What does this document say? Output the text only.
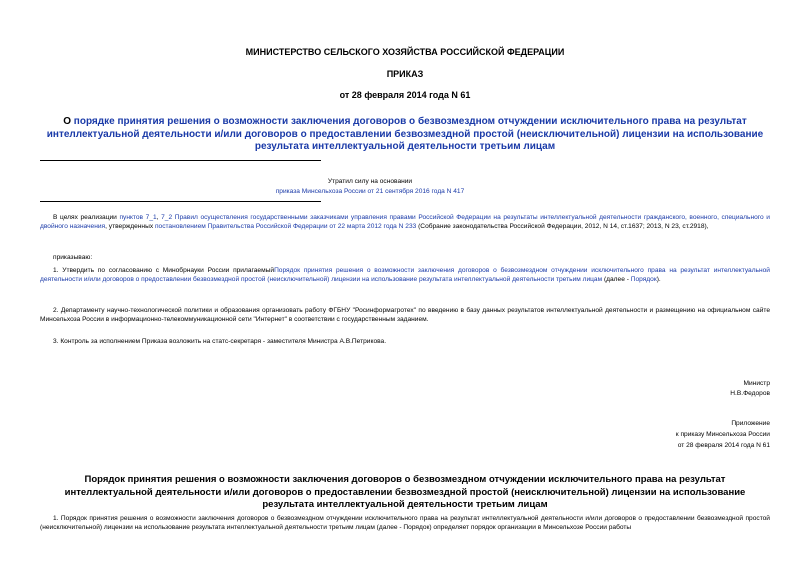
МИНИСТЕРСТВО СЕЛЬСКОГО ХОЗЯЙСТВА РОССИЙСКОЙ ФЕДЕРАЦИИ
ПРИКАЗ
от 28 февраля 2014 года N 61
О порядке принятия решения о возможности заключения договоров о безвозмездном отчуждении исключительного права на результат интеллектуальной деятельности и/или договоров о предоставлении безвозмездной простой (неисключительной) лицензии на использование результата интеллектуальной деятельности третьим лицам
Утратил силу на основании
приказа Минсельхоза России от 21 сентября 2016 года N 417
В целях реализации пунктов 7_1, 7_2 Правил осуществления государственными заказчиками управления правами Российской Федерации на результаты интеллектуальной деятельности гражданского, военного, специального и двойного назначения, утвержденных постановлением Правительства Российской Федерации от 22 марта 2012 года N 233 (Собрание законодательства Российской Федерации, 2012, N 14, ст.1637; 2013, N 23, ст.2918),
приказываю:
1. Утвердить по согласованию с Минобрнауки России прилагаемыйПорядок принятия решения о возможности заключения договоров о безвозмездном отчуждении исключительного права на результат интеллектуальной деятельности и/или договоров о предоставлении безвозмездной простой (неисключительной) лицензии на использование результата интеллектуальной деятельности третьим лицам (далее - Порядок).
2. Департаменту научно-технологической политики и образования организовать работу ФГБНУ "Росинформагротех" по введению в базу данных результатов интеллектуальной деятельности и размещению на официальном сайте Минсельхоза России в информационно-телекоммуникационной сети "Интернет" в соответствии с государственным заданием.
3. Контроль за исполнением Приказа возложить на статс-секретаря - заместителя Министра А.В.Петрикова.
Министр
Н.В.Федоров
Приложение
к приказу Минсельхоза России
от 28 февраля 2014 года N 61
Порядок принятия решения о возможности заключения договоров о безвозмездном отчуждении исключительного права на результат интеллектуальной деятельности и/или договоров о предоставлении безвозмездной простой (неисключительной) лицензии на использование результата интеллектуальной деятельности третьим лицам
1. Порядок принятия решения о возможности заключения договоров о безвозмездном отчуждении исключительного права на результат интеллектуальной деятельности и/или договоров о предоставлении безвозмездной простой (неисключительной) лицензии на использование результата интеллектуальной деятельности третьим лицам (далее - Порядок) определяет порядок организации в Минсельхозе России работы
